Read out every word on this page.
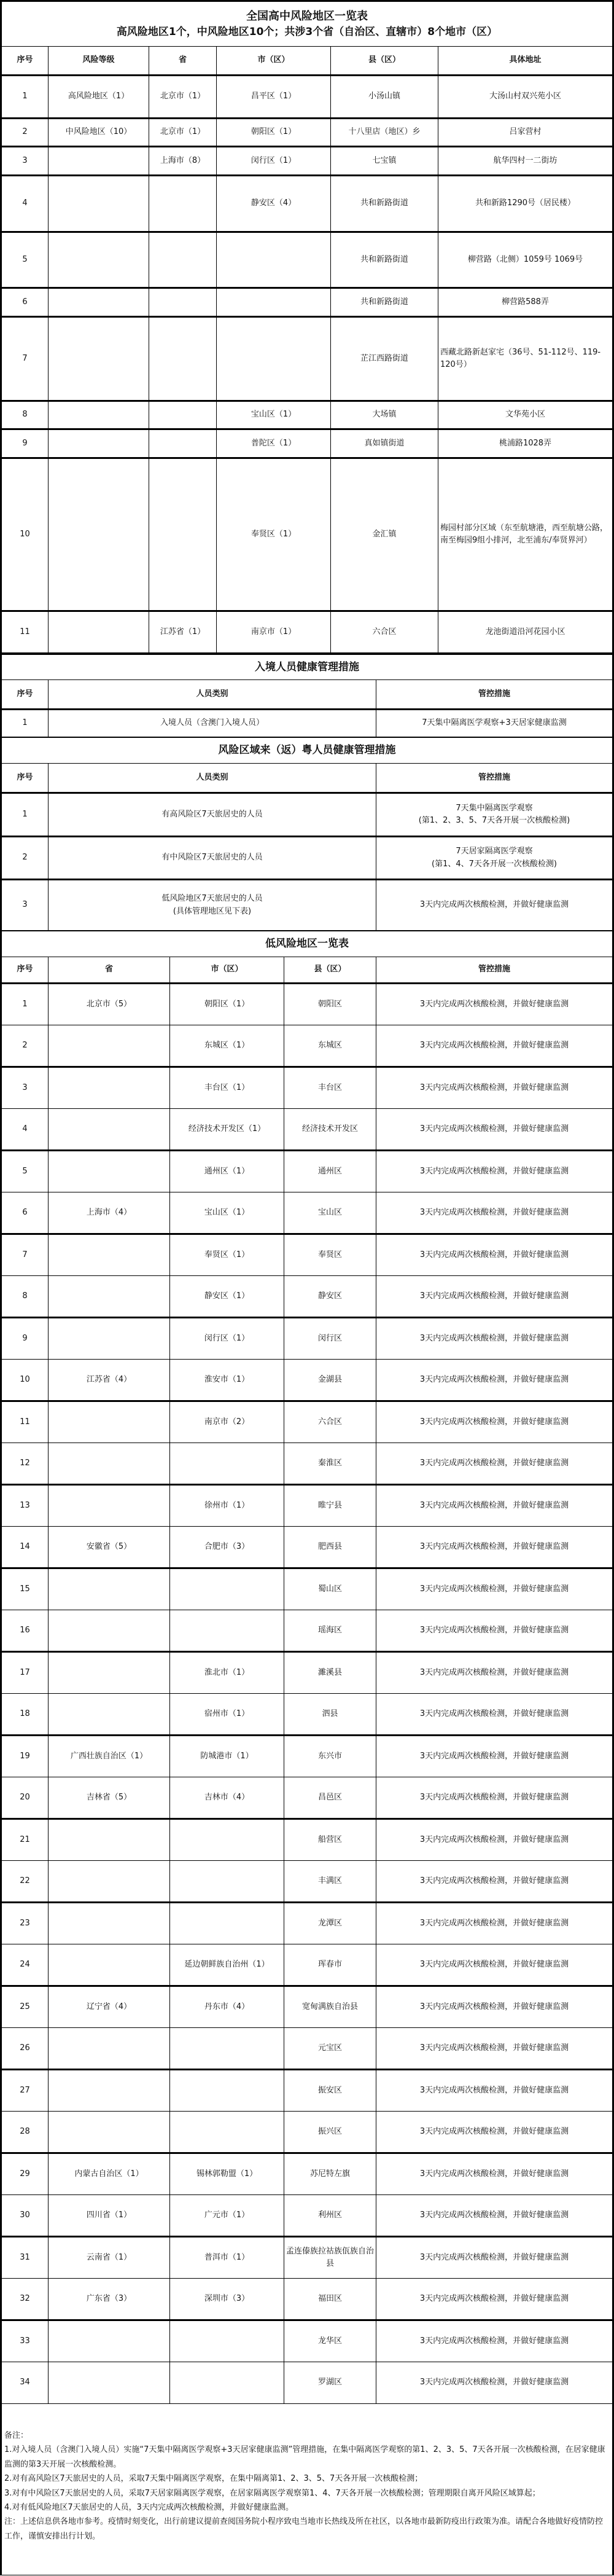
全国高中风险地区一览表
高风险地区1个，中风险地区10个；共涉3个省（自治区、直辖市）8个地市（区）					

序号	风险等级	省	市（区）	县（区）	具体地址
1	高风险地区（1）	北京市（1）	昌平区（1）	小汤山镇	大汤山村双兴苑小区
2	中风险地区（10）	北京市（1）	朝阳区（1）	十八里店（地区）乡	吕家营村
3		上海市（8）	闵行区（1）	七宝镇	航华四村一二街坊
4			静安区（4）	共和新路街道	共和新路1290号（居民楼）
5				共和新路街道	柳营路（北侧）1059号 1069号
6				共和新路街道	柳营路588弄
7				芷江西路街道	西藏北路新赵家宅（36号、51-112号、119-120号）
8			宝山区（1）	大场镇	文华苑小区
9			普陀区（1）	真如镇街道	桃浦路1028弄
10			奉贤区（1）	金汇镇	梅园村部分区域（东至航塘港，西至航塘公路，南至梅园9组小排河，北至浦东/奉贤界河）
11		江苏省（1）	南京市（1）	六合区	龙池街道沿河花园小区
入境人员健康管理措施		
序号	人员类别	管控措施
1	入境人员（含澳门入境人员）	7天集中隔离医学观察+3天居家健康监测
风险区域来（返）粤人员健康管理措施		
序号	人员类别	管控措施
1	有高风险区7天旅居史的人员	7天集中隔离医学观察
(第1、2、3、5、7天各开展一次核酸检测)
2	有中风险区7天旅居史的人员	7天居家隔离医学观察
(第1、4、7天各开展一次核酸检测)
3	低风险地区7天旅居史的人员
(具体管理地区见下表)	3天内完成两次核酸检测，并做好健康监测
低风险地区一览表				
序号	省	市（区）	县（区）	管控措施
1	北京市（5）	朝阳区（1）	朝阳区	3天内完成两次核酸检测，并做好健康监测
2		东城区（1）	东城区	3天内完成两次核酸检测，并做好健康监测
3		丰台区（1）	丰台区	3天内完成两次核酸检测，并做好健康监测
4		经济技术开发区（1）	经济技术开发区	3天内完成两次核酸检测，并做好健康监测
5		通州区（1）	通州区	3天内完成两次核酸检测，并做好健康监测
6	上海市（4）	宝山区（1）	宝山区	3天内完成两次核酸检测，并做好健康监测
7		奉贤区（1）	奉贤区	3天内完成两次核酸检测，并做好健康监测
8		静安区（1）	静安区	3天内完成两次核酸检测，并做好健康监测
9		闵行区（1）	闵行区	3天内完成两次核酸检测，并做好健康监测
10	江苏省（4）	淮安市（1）	金湖县	3天内完成两次核酸检测，并做好健康监测
11		南京市（2）	六合区	3天内完成两次核酸检测，并做好健康监测
12			秦淮区	3天内完成两次核酸检测，并做好健康监测
13		徐州市（1）	睢宁县	3天内完成两次核酸检测，并做好健康监测
14	安徽省（5）	合肥市（3）	肥西县	3天内完成两次核酸检测，并做好健康监测
15			蜀山区	3天内完成两次核酸检测，并做好健康监测
16			瑶海区	3天内完成两次核酸检测，并做好健康监测
17		淮北市（1）	濉溪县	3天内完成两次核酸检测，并做好健康监测
18		宿州市（1）	泗县	3天内完成两次核酸检测，并做好健康监测
19	广西壮族自治区（1）	防城港市（1）	东兴市	3天内完成两次核酸检测，并做好健康监测
20	吉林省（5）	吉林市（4）	昌邑区	3天内完成两次核酸检测，并做好健康监测
21			船营区	3天内完成两次核酸检测，并做好健康监测
22			丰满区	3天内完成两次核酸检测，并做好健康监测
23			龙潭区	3天内完成两次核酸检测，并做好健康监测
24		延边朝鲜族自治州（1）	珲春市	3天内完成两次核酸检测，并做好健康监测
25	辽宁省（4）	丹东市（4）	宽甸满族自治县	3天内完成两次核酸检测，并做好健康监测
26			元宝区	3天内完成两次核酸检测，并做好健康监测
27			振安区	3天内完成两次核酸检测，并做好健康监测
28			振兴区	3天内完成两次核酸检测，并做好健康监测
29	内蒙古自治区（1）	锡林郭勒盟（1）	苏尼特左旗	3天内完成两次核酸检测，并做好健康监测
30	四川省（1）	广元市（1）	利州区	3天内完成两次核酸检测，并做好健康监测
31	云南省（1）	普洱市（1）	孟连傣族拉祜族佤族自治县	3天内完成两次核酸检测，并做好健康监测
32	广东省（3）	深圳市（3）	福田区	3天内完成两次核酸检测，并做好健康监测
33			龙华区	3天内完成两次核酸检测，并做好健康监测
34			罗湖区	3天内完成两次核酸检测，并做好健康监测

备注：

1.对入境人员（含澳门入境人员）实施“7天集中隔离医学观察+3天居家健康监测”管理措施，在集中隔离医学观察的第1、2、3、5、7天各开展一次核酸检测，在居家健康监测的第3天开展一次核酸检测。

2.对有高风险区7天旅居史的人员，采取7天集中隔离医学观察，在集中隔离第1、2、3、5、7天各开展一次核酸检测；

3.对有中风险区7天旅居史的人员，采取7天居家隔离医学观察，在居家隔离医学观察第1、4、7天各开展一次核酸检测；管理期限自离开风险区域算起；

4.对有低风险地区7天旅居史的人员，3天内完成两次核酸检测，并做好健康监测。

注：上述信息供各地市参考。疫情时刻变化，出行前建议提前查阅国务院小程序致电当地市长热线及所在社区，以各地市最新防疫出行政策为准。请配合各地做好疫情防控工作，谨慎安排出行计划。
